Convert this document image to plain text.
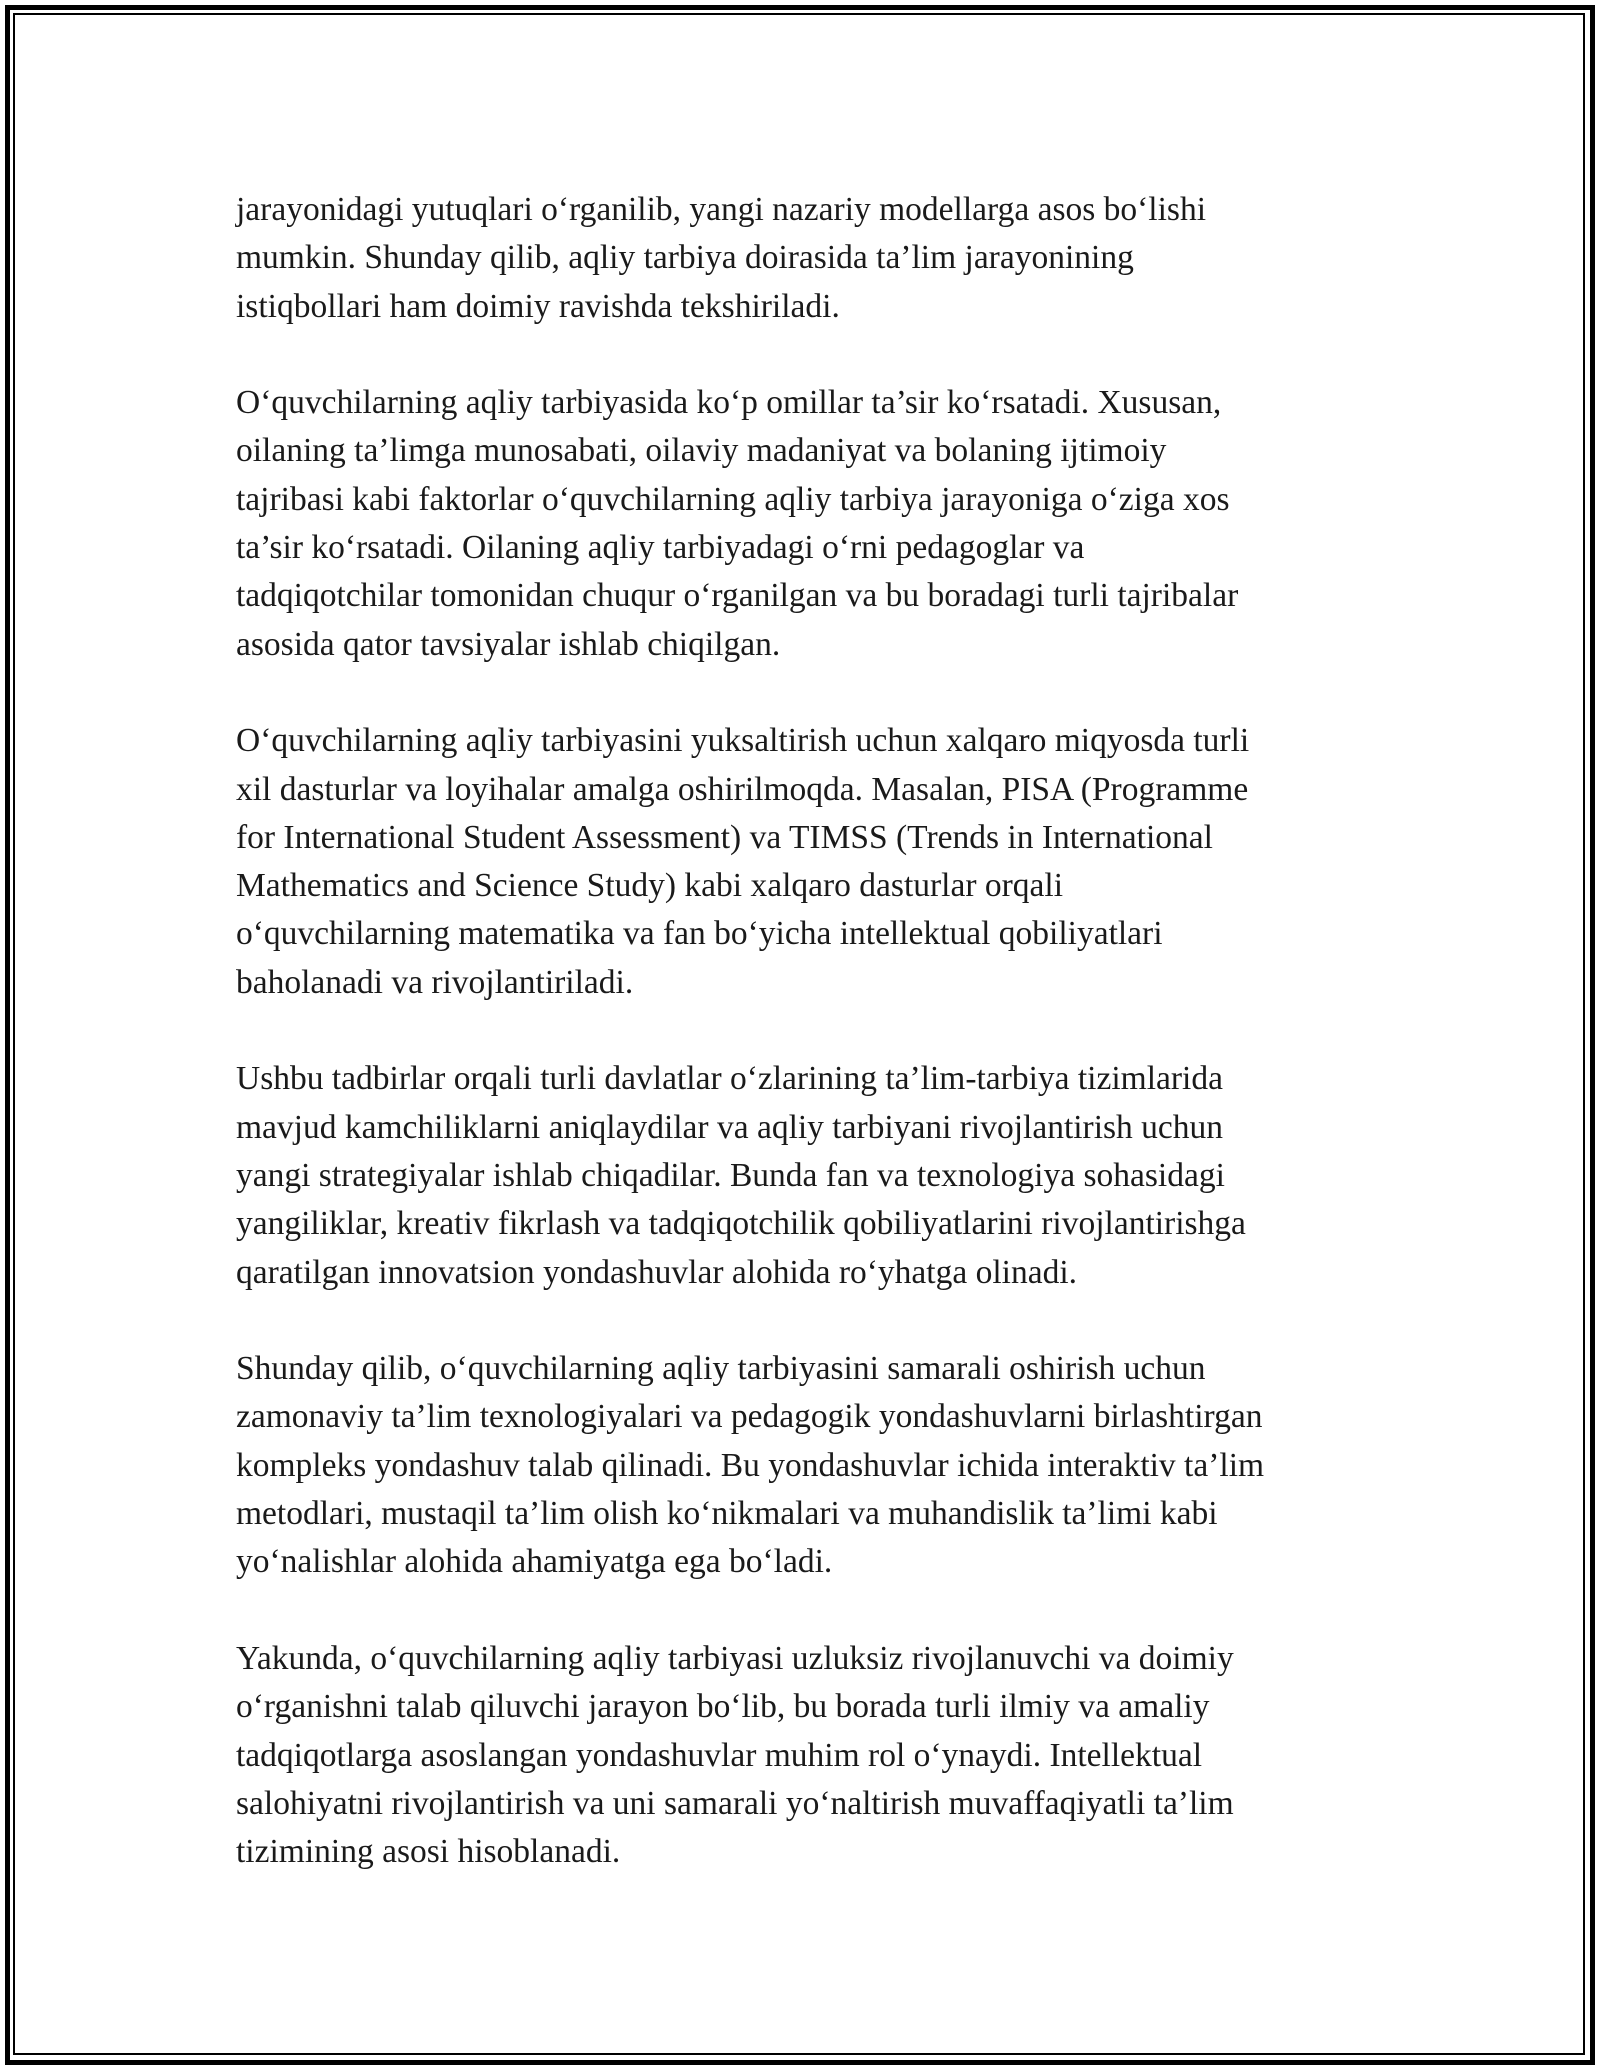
jarayonidagi yutuqlari o‘rganilib, yangi nazariy modellarga asos bo‘lishi
mumkin. Shunday qilib, aqliy tarbiya doirasida ta’lim jarayonining
istiqbollari ham doimiy ravishda tekshiriladi.

O‘quvchilarning aqliy tarbiyasida ko‘p omillar ta’sir ko‘rsatadi. Xususan,
oilaning ta’limga munosabati, oilaviy madaniyat va bolaning ijtimoiy
tajribasi kabi faktorlar o‘quvchilarning aqliy tarbiya jarayoniga o‘ziga xos
ta’sir ko‘rsatadi. Oilaning aqliy tarbiyadagi o‘rni pedagoglar va
tadqiqotchilar tomonidan chuqur o‘rganilgan va bu boradagi turli tajribalar
asosida qator tavsiyalar ishlab chiqilgan.

O‘quvchilarning aqliy tarbiyasini yuksaltirish uchun xalqaro miqyosda turli
xil dasturlar va loyihalar amalga oshirilmoqda. Masalan, PISA (Programme
for International Student Assessment) va TIMSS (Trends in International
Mathematics and Science Study) kabi xalqaro dasturlar orqali
o‘quvchilarning matematika va fan bo‘yicha intellektual qobiliyatlari
baholanadi va rivojlantiriladi.

Ushbu tadbirlar orqali turli davlatlar o‘zlarining ta’lim-tarbiya tizimlarida
mavjud kamchiliklarni aniqlaydilar va aqliy tarbiyani rivojlantirish uchun
yangi strategiyalar ishlab chiqadilar. Bunda fan va texnologiya sohasidagi
yangiliklar, kreativ fikrlash va tadqiqotchilik qobiliyatlarini rivojlantirishga
qaratilgan innovatsion yondashuvlar alohida ro‘yhatga olinadi.

Shunday qilib, o‘quvchilarning aqliy tarbiyasini samarali oshirish uchun
zamonaviy ta’lim texnologiyalari va pedagogik yondashuvlarni birlashtirgan
kompleks yondashuv talab qilinadi. Bu yondashuvlar ichida interaktiv ta’lim
metodlari, mustaqil ta’lim olish ko‘nikmalari va muhandislik ta’limi kabi
yo‘nalishlar alohida ahamiyatga ega bo‘ladi.

Yakunda, o‘quvchilarning aqliy tarbiyasi uzluksiz rivojlanuvchi va doimiy
o‘rganishni talab qiluvchi jarayon bo‘lib, bu borada turli ilmiy va amaliy
tadqiqotlarga asoslangan yondashuvlar muhim rol o‘ynaydi. Intellektual
salohiyatni rivojlantirish va uni samarali yo‘naltirish muvaffaqiyatli ta’lim
tizimining asosi hisoblanadi.
